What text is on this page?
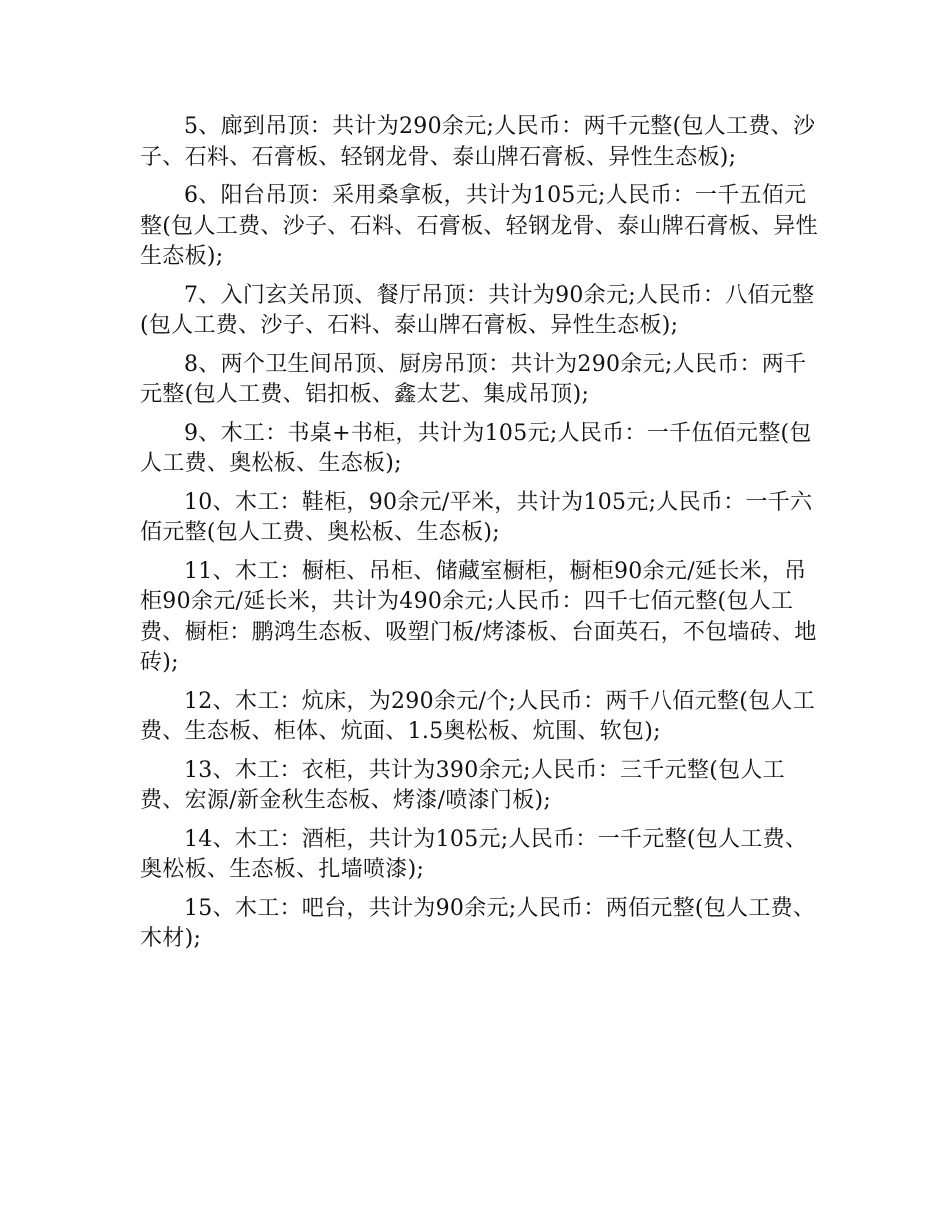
5、廊到吊顶：共计为290余元;人民币：两千元整(包人工费、沙子、石料、石膏板、轻钢龙骨、泰山牌石膏板、异性生态板);

6、阳台吊顶：采用桑拿板，共计为105元;人民币：一千五佰元整(包人工费、沙子、石料、石膏板、轻钢龙骨、泰山牌石膏板、异性生态板);

7、入门玄关吊顶、餐厅吊顶：共计为90余元;人民币：八佰元整(包人工费、沙子、石料、泰山牌石膏板、异性生态板);

8、两个卫生间吊顶、厨房吊顶：共计为290余元;人民币：两千元整(包人工费、铝扣板、鑫太艺、集成吊顶);

9、木工：书桌+书柜，共计为105元;人民币：一千伍佰元整(包人工费、奥松板、生态板);

10、木工：鞋柜，90余元/平米，共计为105元;人民币：一千六佰元整(包人工费、奥松板、生态板);

11、木工：橱柜、吊柜、储藏室橱柜，橱柜90余元/延长米，吊柜90余元/延长米，共计为490余元;人民币：四千七佰元整(包人工费、橱柜：鹏鸿生态板、吸塑门板/烤漆板、台面英石，不包墙砖、地砖);

12、木工：炕床，为290余元/个;人民币：两千八佰元整(包人工费、生态板、柜体、炕面、1.5奥松板、炕围、软包);

13、木工：衣柜，共计为390余元;人民币：三千元整(包人工费、宏源/新金秋生态板、烤漆/喷漆门板);

14、木工：酒柜，共计为105元;人民币：一千元整(包人工费、奥松板、生态板、扎墙喷漆);

15、木工：吧台，共计为90余元;人民币：两佰元整(包人工费、木材);
